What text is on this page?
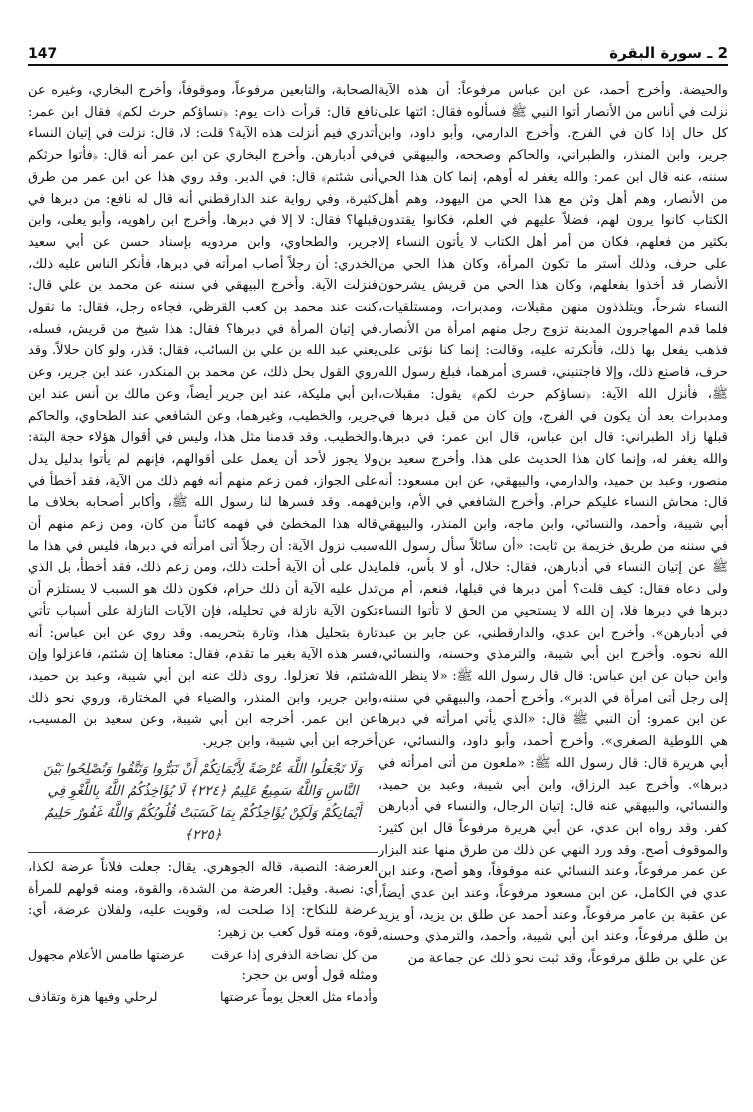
147	2 ـ سورة البقرة

والحيضة. وأخرج أحمد، عن ابن عباس مرفوعاً: أن هذه الآية نزلت في أناس من الأنصار أتوا النبي ﷺ فسألوه فقال: ائتها على كل حال إذا كان في الفرج. وأخرج الدارمي، وأبو داود، وابن جرير، وابن المنذر، والطبراني، والحاكم وصححه، والبيهقي في سننه، عنه قال ابن عمر: والله يغفر له أوهم، إنما كان هذا الحي من الأنصار، وهم أهل وثن مع هذا الحي من اليهود، وهم أهل الكتاب كانوا يرون لهم، فضلاً عليهم في العلم، فكانوا يقتدون بكثير من فعلهم، فكان من أمر أهل الكتاب لا يأتون النساء إلا على حرف، وذلك أستر ما تكون المرأة، وكان هذا الحي من الأنصار قد أخذوا بفعلهم، وكان هذا الحي من قريش يشرحون النساء شرحاً، ويتلذذون منهن مقبلات، ومدبرات، ومستلقيات، فلما قدم المهاجرون المدينة تزوج رجل منهم امرأة من الأنصار. فذهب يفعل بها ذلك، فأنكرته عليه، وقالت: إنما كنا نؤتى على حرف، فاصنع ذلك، وإلا فاجتنبني، فسرى أمرهما، فبلغ رسول الله ﷺ، فأنزل الله الآية: ﴿نساؤكم حرث لكم﴾ يقول: مقبلات، ومدبرات بعد أن يكون في الفرج، وإن كان من قبل دبرها في قبلها زاد الطبراني: قال ابن عباس، قال ابن عمر: في دبرها. والله يغفر له، وإنما كان هذا الحديث على هذا. وأخرج سعيد بن منصور، وعبد بن حميد، والدارمي، والبيهقي، عن ابن مسعود: أنه قال: محاش النساء عليكم حرام. وأخرج الشافعي في الأم، وابن أبي شيبة، وأحمد، والنسائي، وابن ماجه، وابن المنذر، والبيهقي في سننه من طريق خزيمة بن ثابت: «أن سائلاً سأل رسول الله ﷺ عن إتيان النساء في أدبارهن، فقال: حلال، أو لا بأس، فلما ولى دعاه فقال: كيف قلت؟ أمن دبرها في قبلها، فنعم، أم من دبرها في دبرها فلا، إن الله لا يستحيي من الحق لا تأتوا النساء في أدبارهن». وأخرج ابن عدي، والدارقطني، عن جابر بن عبد الله نحوه. وأخرج ابن أبي شيبة، والترمذي وحسنه، والنسائي، وابن حبان عن ابن عباس: قال قال رسول الله ﷺ: «لا ينظر الله إلى رجل أتى امرأة في الدبر». وأخرج أحمد، والبيهقي في سننه، عن ابن عمرو: أن النبي ﷺ قال: «الذي يأتي امرأته في دبرها هي اللوطية الصغرى». وأخرج أحمد، وأبو داود، والنسائي، عن أبي هريرة قال: قال رسول الله ﷺ: «ملعون من أتى امرأته في دبرها». وأخرج عبد الرزاق، وابن أبي شيبة، وعبد بن حميد، والنسائي، والبيهقي عنه قال: إتيان الرجال، والنساء في أدبارهن كفر. وقد رواه ابن عدي، عن أبي هريرة مرفوعاً قال ابن كثير: والموقوف أصح. وقد ورد النهي عن ذلك من طرق منها عند البزار عن عمر مرفوعاً، وعند النسائي عنه موقوفاً، وهو أصح، وعند ابن عدي في الكامل، عن ابن مسعود مرفوعاً، وعند ابن عدي أيضاً، عن عقبة بن عامر مرفوعاً، وعند أحمد عن طلق بن يزيد، أو يزيد بن طلق مرفوعاً، وعند ابن أبي شيبة، وأحمد، والترمذي وحسنه، عن علي بن طلق مرفوعاً، وقد ثبت نحو ذلك عن جماعة من

الصحابة، والتابعين مرفوعاً، وموقوفاً، وأخرج البخاري، وغيره عن نافع قال: قرأت ذات يوم: ﴿نساؤكم حرث لكم﴾ فقال ابن عمر: أتدري فيم أنزلت هذه الآية؟ قلت: لا، قال: نزلت في إتيان النساء في أدبارهن. وأخرج البخاري عن ابن عمر أنه قال: ﴿فأتوا حرثكم أنى شئتم﴾ قال: في الدبر. وقد روي هذا عن ابن عمر من طرق كثيرة، وفي رواية عند الدارقطني أنه قال له نافع: من دبرها في قبلها؟ فقال: لا إلا في دبرها. وأخرج ابن راهويه، وأبو يعلى، وابن جرير، والطحاوي، وابن مردويه بإسناد حسن عن أبي سعيد الخدري: أن رجلاً أصاب امرأته في دبرها، فأنكر الناس عليه ذلك، فنزلت الآية. وأخرج البيهقي في سننه عن محمد بن علي قال: كنت عند محمد بن كعب القرظي، فجاءه رجل، فقال: ما تقول في إتيان المرأة في دبرها؟ فقال: هذا شيخ من قريش، فسله، يعني عبد الله بن علي بن السائب، فقال: قذر، ولو كان حلالاً. وقد روي القول بحل ذلك، عن محمد بن المنكدر، عند ابن جرير، وعن ابن أبي مليكة، عند ابن جرير أيضاً، وعن مالك بن أنس عند ابن جرير، والخطيب، وغيرهما، وعن الشافعي عند الطحاوي، والحاكم والخطيب. وقد قدمنا مثل هذا، وليس في أقوال هؤلاء حجة البتة: ولا يجوز لأحد أن يعمل على أقوالهم، فإنهم لم يأتوا بدليل يدل على الجواز، فمن زعم منهم أنه فهم ذلك من الآية، فقد أخطأ في فهمه. وقد فسرها لنا رسول الله ﷺ، وأكابر أصحابه بخلاف ما قاله هذا المخطئ في فهمه كائناً من كان، ومن زعم منهم أن سبب نزول الآية: أن رجلاً أتى امرأته في دبرها، فليس في هذا ما يدل على أن الآية أحلت ذلك، ومن زعم ذلك، فقد أخطأ، بل الذي تدل عليه الآية أن ذلك حرام، فكون ذلك هو السبب لا يستلزم أن تكون الآية نازلة في تحليله، فإن الآيات النازلة على أسباب تأتي تارة بتحليل هذا، وتارة بتحريمه. وقد روي عن ابن عباس: أنه فسر هذه الآية بغير ما تقدم، فقال: معناها إن شئتم، فاعزلوا وإن شئتم، فلا تعزلوا. روى ذلك عنه ابن أبي شيبة، وعبد بن حميد، وابن جرير، وابن المنذر، والضياء في المختارة، وروي نحو ذلك عن ابن عمر. أخرجه ابن أبي شيبة، وعن سعيد بن المسيب، أخرجه ابن أبي شيبة، وابن جرير.

وَلَا تَجْعَلُوا اللَّهَ عُرْضَةً لِأَيْمَانِكُمْ أَنْ تَبَرُّوا وَتَتَّقُوا وَتُصْلِحُوا بَيْنَ النَّاسِ وَاللَّهُ سَمِيعٌ عَلِيمٌ ﴿٢٢٤﴾ لَا يُؤَاخِذُكُمُ اللَّهُ بِاللَّغْوِ فِي أَيْمَانِكُمْ وَلَكِنْ يُؤَاخِذُكُمْ بِمَا كَسَبَتْ قُلُوبُكُمْ وَاللَّهُ غَفُورٌ حَلِيمٌ ﴿٢٢٥﴾

العرضة: النصبة، قاله الجوهري. يقال: جعلت فلاناً عرضة لكذا، أي: نصبة. وقيل: العرضة من الشدة، والقوة، ومنه قولهم للمرأة عرضة للنكاح: إذا صلحت له، وقويت عليه، ولفلان عرضة، أي: قوة، ومنه قول كعب بن زهير:

من كل نضاخة الذفرى إذا عرقت
عرضتها طامس الأعلام مجهول

ومثله قول أوس بن حجر:

وأدماء مثل العجل يوماً عرضتها
لرحلي وفيها هزة وتقاذف
